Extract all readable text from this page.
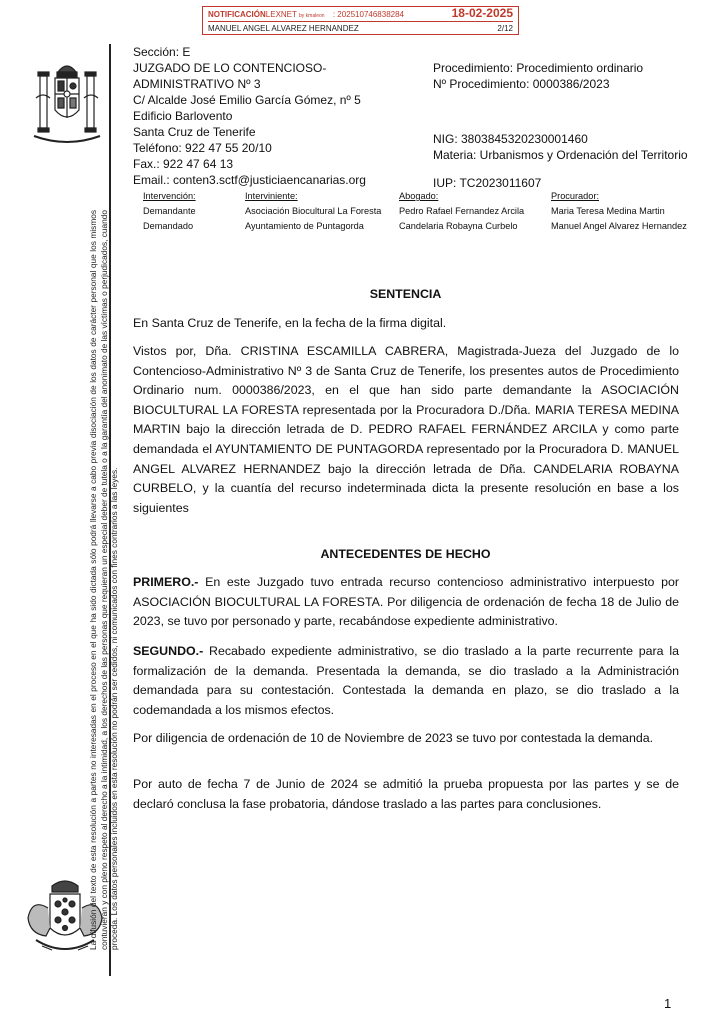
NOTIFICACIÓNLEXNET by kmaleon : 202510746838284	18-02-2025
MANUEL ANGEL ALVAREZ HERNANDEZ	2/12
La difusión del texto de esta resolución a partes no interesadas en el proceso en el que ha sido dictada sólo podrá llevarse a cabo previa disociación de los datos de carácter personal que los mismos contuvieran y con pleno respeto al derecho a la intimidad, a los derechos de las personas que requieran un especial deber de tutela o a la garantía del anonimato de las víctimas o perjudicados, cuando proceda. Los datos personales incluidos en esta resolución no podrán ser cedidos, ni comunicados con fines contrarios a las leyes.
Sección: E
JUZGADO DE LO CONTENCIOSO-
ADMINISTRATIVO Nº 3
C/ Alcalde José Emilio García Gómez, nº 5
Edificio Barlovento
Santa Cruz de Tenerife
Teléfono: 922 47 55 20/10
Fax.: 922 47 64 13
Email.: conten3.sctf@justiciaencanarias.org
Procedimiento: Procedimiento ordinario
Nº Procedimiento: 0000386/2023
NIG: 3803845320230001460
Materia: Urbanismos y Ordenación del Territorio
IUP: TC2023011607
Intervención:	Interviniente:	Abogado:	Procurador:
Demandante	Asociación Biocultural La Foresta	Pedro Rafael Fernandez Arcila	Maria Teresa Medina Martin
Demandado	Ayuntamiento de Puntagorda	Candelaria Robayna Curbelo	Manuel Angel Alvarez Hernandez
SENTENCIA
En Santa Cruz de Tenerife, en la fecha de la firma digital.
Vistos por, Dña. CRISTINA ESCAMILLA CABRERA, Magistrada-Jueza del Juzgado de lo Contencioso-Administrativo Nº 3 de Santa Cruz de Tenerife, los presentes autos de Procedimiento Ordinario num. 0000386/2023, en el que han sido parte demandante la ASOCIACIÓN BIOCULTURAL LA FORESTA representada por la Procuradora D./Dña. MARIA TERESA MEDINA MARTIN bajo la dirección letrada de D. PEDRO RAFAEL FERNÁNDEZ ARCILA y como parte demandada el AYUNTAMIENTO DE PUNTAGORDA representado por la Procuradora D. MANUEL ANGEL ALVAREZ HERNANDEZ bajo la dirección letrada de Dña. CANDELARIA ROBAYNA CURBELO, y la cuantía del recurso indeterminada dicta la presente resolución en base a los siguientes
ANTECEDENTES DE HECHO
PRIMERO.- En este Juzgado tuvo entrada recurso contencioso administrativo interpuesto por ASOCIACIÓN BIOCULTURAL LA FORESTA. Por diligencia de ordenación de fecha 18 de Julio de 2023, se tuvo por personado y parte, recabándose expediente administrativo.
SEGUNDO.- Recabado expediente administrativo, se dio traslado a la parte recurrente para la formalización de la demanda. Presentada la demanda, se dio traslado a la Administración demandada para su contestación. Contestada la demanda en plazo, se dio traslado a la codemandada a los mismos efectos.
Por diligencia de ordenación de 10 de Noviembre de 2023 se tuvo por contestada la demanda.
Por auto de fecha 7 de Junio de 2024 se admitió la prueba propuesta por las partes y se de declaró conclusa la fase probatoria, dándose traslado a las partes para conclusiones.
1
